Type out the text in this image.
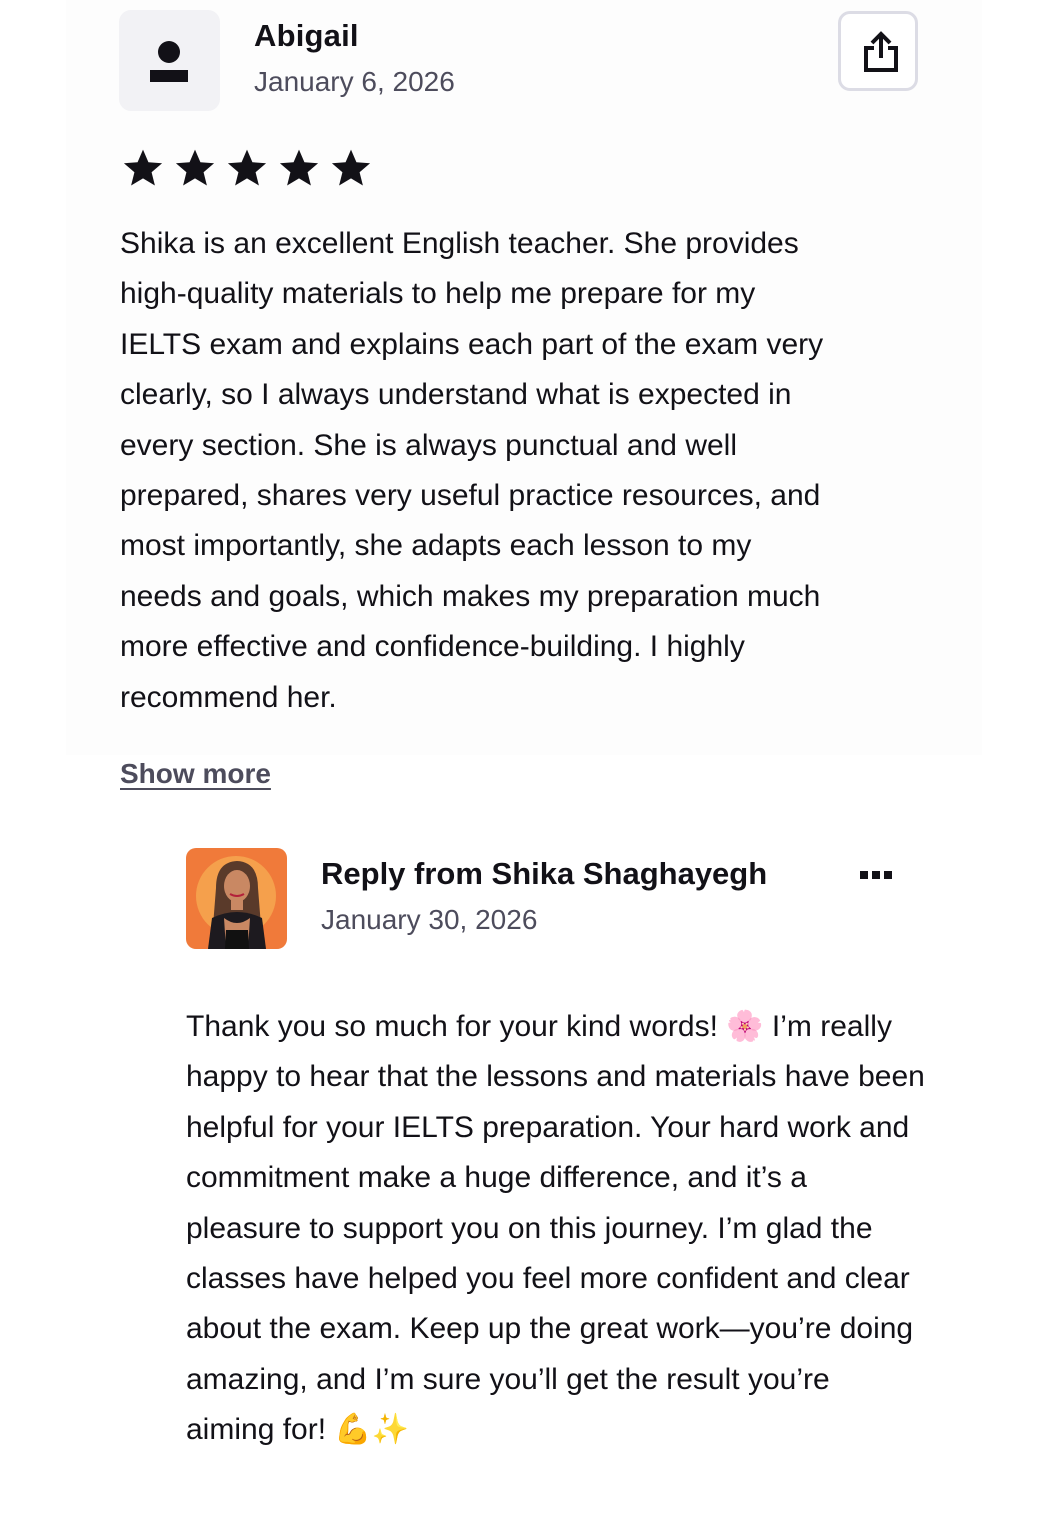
Abigail
January 6, 2026

Shika is an excellent English teacher. She provides
high-quality materials to help me prepare for my
IELTS exam and explains each part of the exam very
clearly, so I always understand what is expected in
every section. She is always punctual and well
prepared, shares very useful practice resources, and
most importantly, she adapts each lesson to my
needs and goals, which makes my preparation much
more effective and confidence-building. I highly
recommend her.

Show more
Reply from Shika Shaghayegh
January 30, 2026

Thank you so much for your kind words! 🌸 I’m really happy to hear that the lessons and materials have been helpful for your IELTS preparation. Your hard work and commitment make a huge difference, and it’s a pleasure to support you on this journey. I’m glad the classes have helped you feel more confident and clear about the exam. Keep up the great work—you’re doing amazing, and I’m sure you’ll get the result you’re aiming for! 💪✨
